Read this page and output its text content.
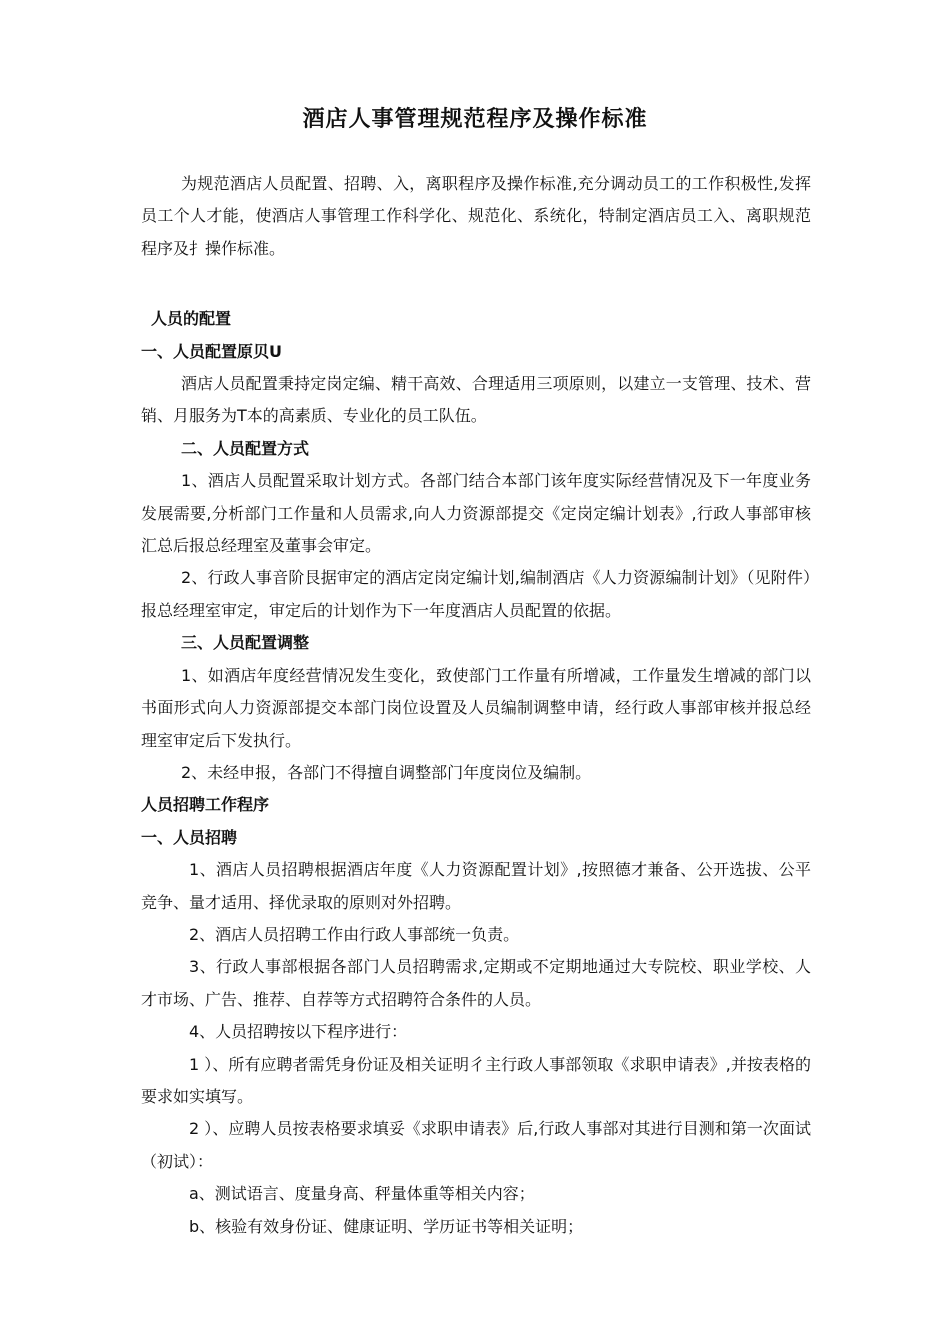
酒店人事管理规范程序及操作标准

为规范酒店人员配置、招聘、入，离职程序及操作标准,充分调动员工的工作积极性,发挥员工个人才能，使酒店人事管理工作科学化、规范化、系统化，特制定酒店员工入、离职规范程序及扌操作标准。

人员的配置

一、人员配置原贝U

酒店人员配置秉持定岗定编、精干高效、合理适用三项原则，以建立一支管理、技术、营销、月服务为T本的高素质、专业化的员工队伍。

二、人员配置方式

1、酒店人员配置采取计划方式。各部门结合本部门该年度实际经营情况及下一年度业务发展需要,分析部门工作量和人员需求,向人力资源部提交《定岗定编计划表》,行政人事部审核汇总后报总经理室及董事会审定。

2、行政人事音阶艮据审定的酒店定岗定编计划,编制酒店《人力资源编制计划》（见附件）报总经理室审定，审定后的计划作为下一年度酒店人员配置的依据。

三、人员配置调整

1、如酒店年度经营情况发生变化，致使部门工作量有所增减，工作量发生增减的部门以书面形式向人力资源部提交本部门岗位设置及人员编制调整申请，经行政人事部审核并报总经理室审定后下发执行。

2、未经申报，各部门不得擅自调整部门年度岗位及编制。

人员招聘工作程序

一、人员招聘

1、酒店人员招聘根据酒店年度《人力资源配置计划》,按照德才兼备、公开选拔、公平竞争、量才适用、择优录取的原则对外招聘。

2、酒店人员招聘工作由行政人事部统一负责。

3、行政人事部根据各部门人员招聘需求,定期或不定期地通过大专院校、职业学校、人才市场、广告、推荐、自荐等方式招聘符合条件的人员。

4、人员招聘按以下程序进行：

1 ）、所有应聘者需凭身份证及相关证明彳主行政人事部领取《求职申请表》,并按表格的要求如实填写。

2 ）、应聘人员按表格要求填妥《求职申请表》后,行政人事部对其进行目测和第一次面试（初试）：

a、测试语言、度量身高、秤量体重等相关内容；

b、核验有效身份证、健康证明、学历证书等相关证明；
